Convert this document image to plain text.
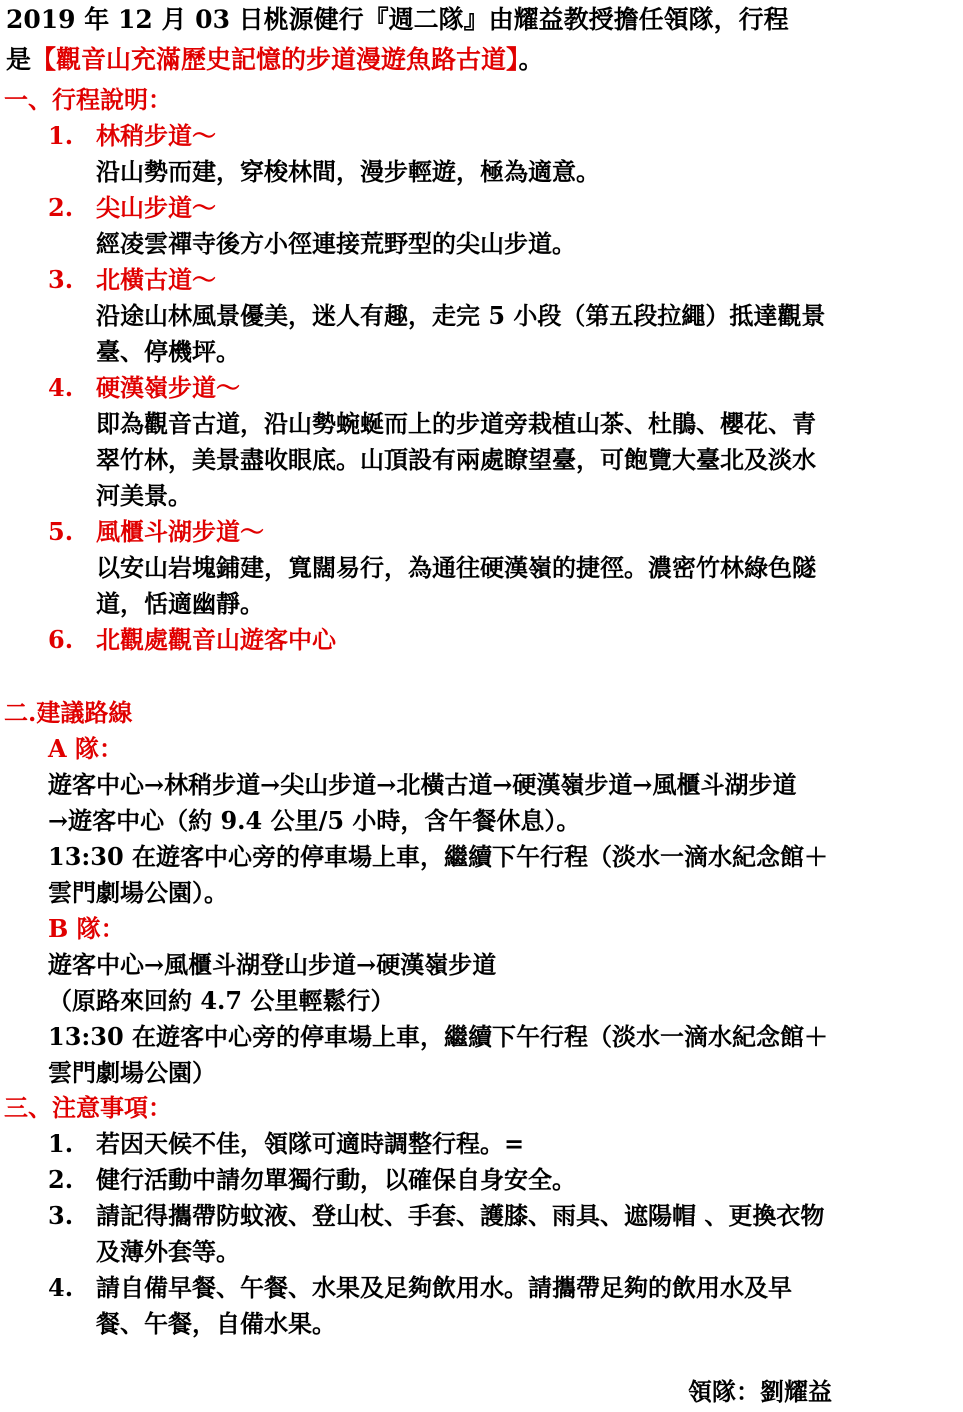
2019 年 12 月 03 日桃源健行『週二隊』由耀益教授擔任領隊，行程
是【觀音山充滿歷史記憶的步道漫遊魚路古道】。
一、行程說明：
1. 林稍步道～
沿山勢而建，穿梭林間，漫步輕遊，極為適意。
2. 尖山步道～
經凌雲禪寺後方小徑連接荒野型的尖山步道。
3. 北橫古道～
沿途山林風景優美，迷人有趣，走完 5 小段（第五段拉繩）抵達觀景
臺、停機坪。
4. 硬漢嶺步道～
即為觀音古道，沿山勢蜿蜒而上的步道旁栽植山茶、杜鵑、櫻花、青
翠竹林，美景盡收眼底。山頂設有兩處瞭望臺，可飽覽大臺北及淡水
河美景。
5. 風櫃斗湖步道～
以安山岩塊鋪建，寬闊易行，為通往硬漢嶺的捷徑。濃密竹林綠色隧
道，恬適幽靜。
6. 北觀處觀音山遊客中心
二.建議路線
A 隊：
遊客中心→林稍步道→尖山步道→北橫古道→硬漢嶺步道→風櫃斗湖步道
→遊客中心（約 9.4 公里/5 小時，含午餐休息）。
13:30 在遊客中心旁的停車場上車，繼續下午行程（淡水一滴水紀念館＋
雲門劇場公園）。
B 隊：
遊客中心→風櫃斗湖登山步道→硬漢嶺步道
（原路來回約 4.7 公里輕鬆行）
13:30 在遊客中心旁的停車場上車，繼續下午行程（淡水一滴水紀念館＋
雲門劇場公園）
三、注意事項：
1. 若因天候不佳，領隊可適時調整行程。=
2. 健行活動中請勿單獨行動，以確保自身安全。
3. 請記得攜帶防蚊液、登山杖、手套、護膝、雨具、遮陽帽 、更換衣物
及薄外套等。
4. 請自備早餐、午餐、水果及足夠飲用水。請攜帶足夠的飲用水及早
餐、午餐，自備水果。
領隊：劉耀益
